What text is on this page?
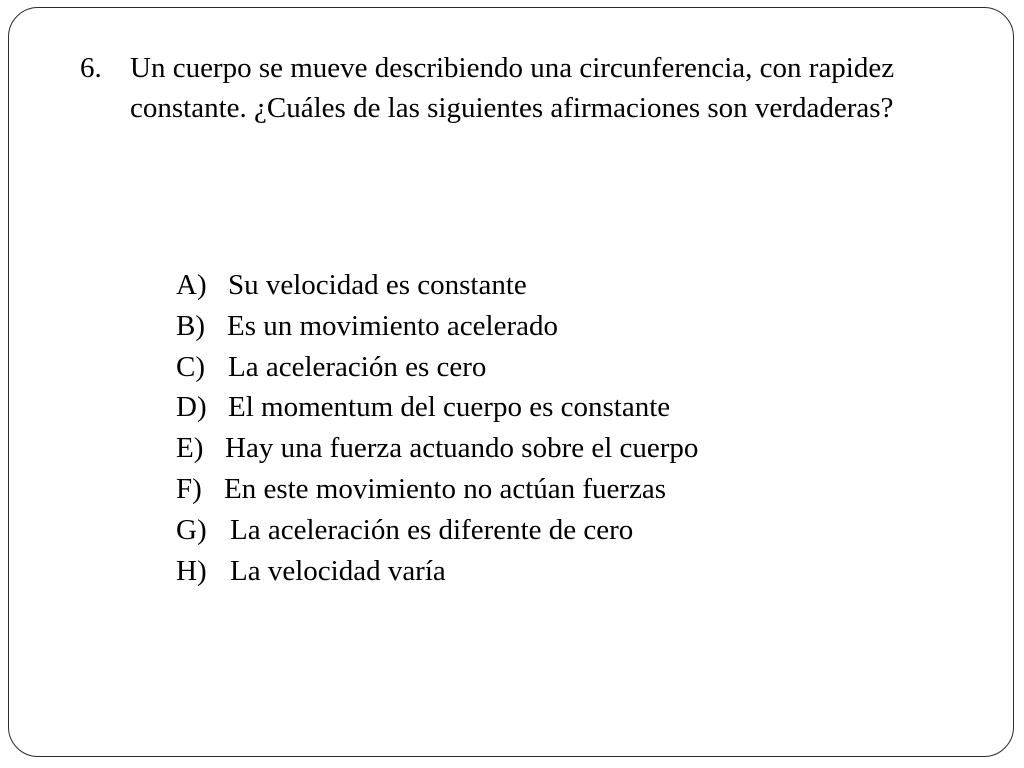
6. Un cuerpo se mueve describiendo una circunferencia, con rapidez constante. ¿Cuáles de las siguientes afirmaciones son verdaderas?
A) Su velocidad es constante
B) Es un movimiento acelerado
C) La aceleración es cero
D) El momentum del cuerpo es constante
E) Hay una fuerza actuando sobre el cuerpo
F) En este movimiento no actúan fuerzas
G) La aceleración es diferente de cero
H) La velocidad varía
